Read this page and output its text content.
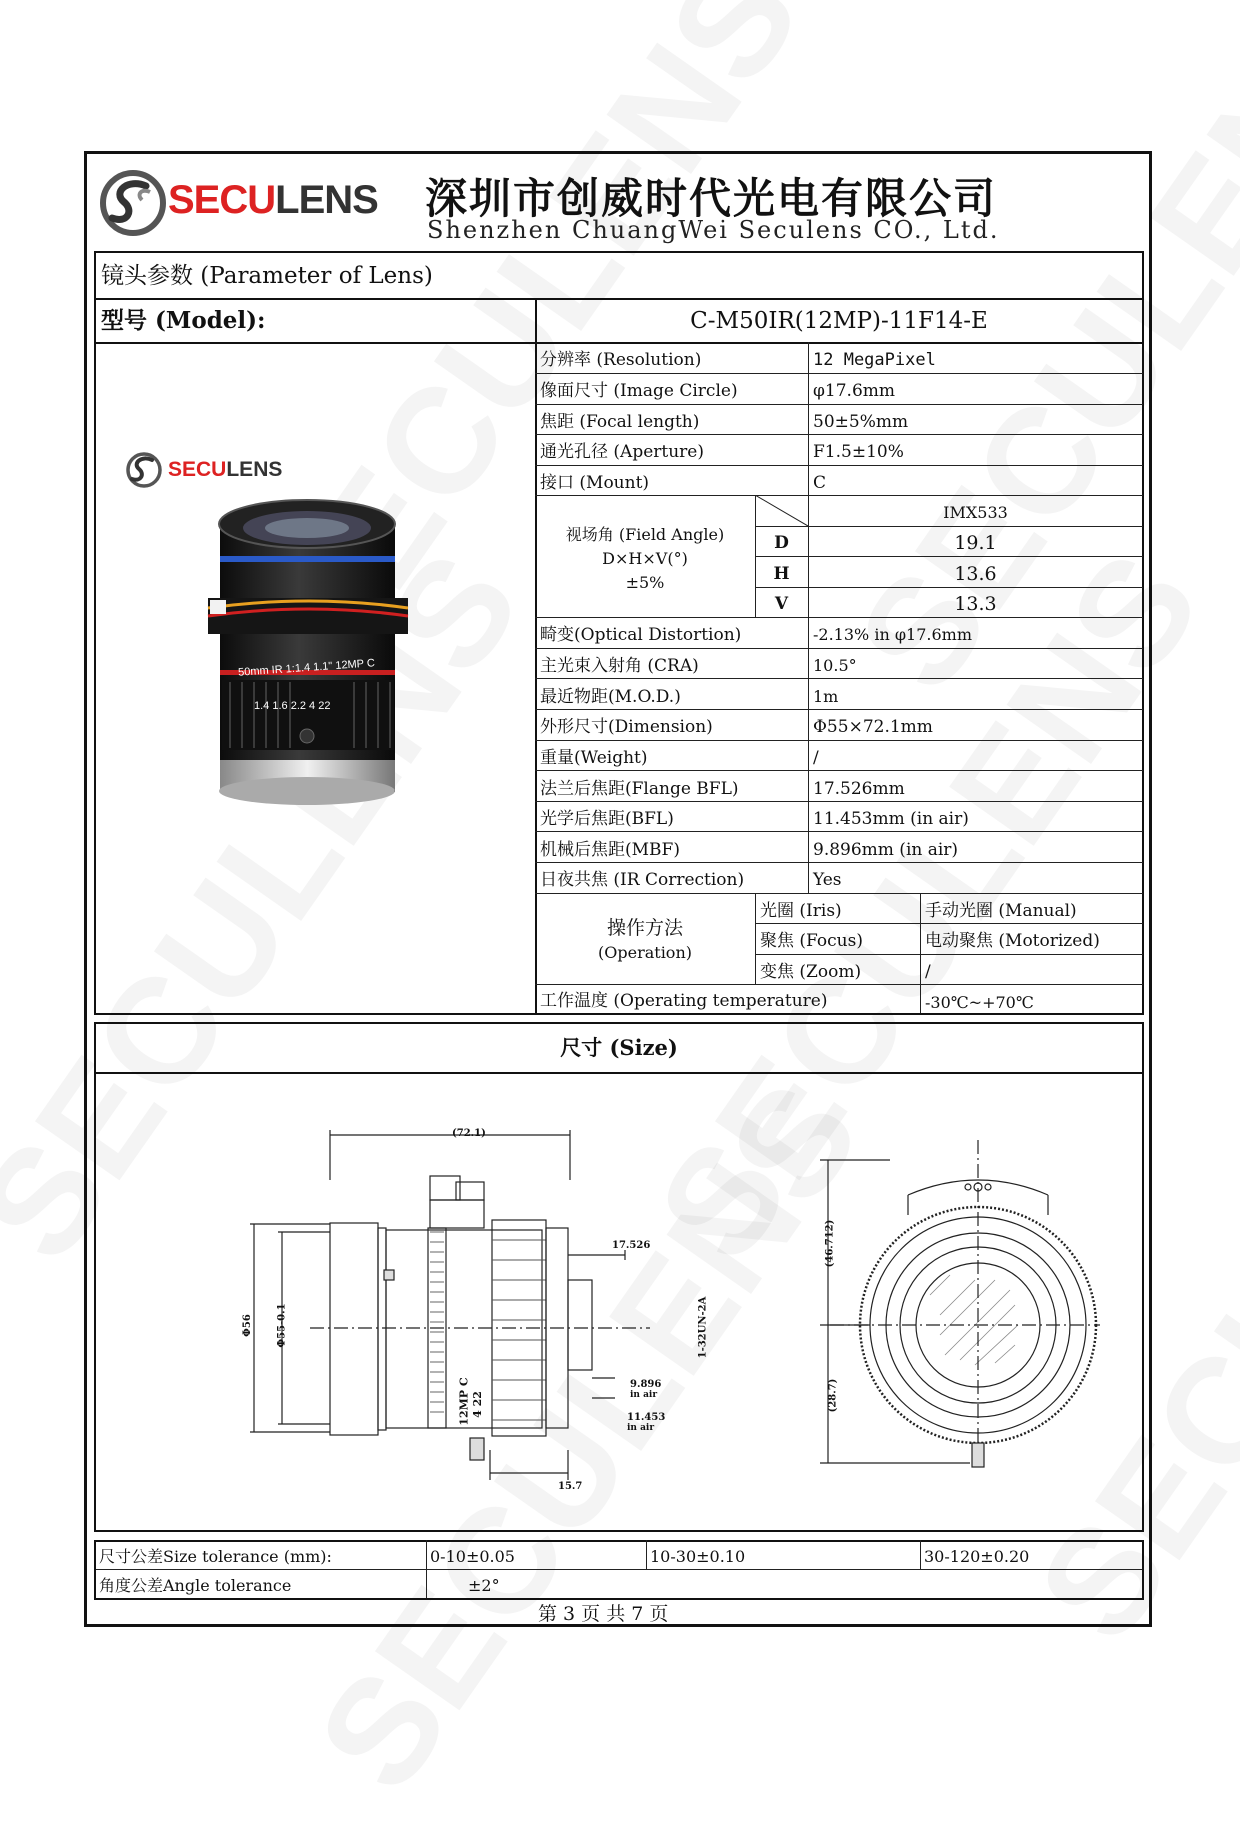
SECULENS 深圳市创威时代光电有限公司
Shenzhen ChuangWei Seculens CO., Ltd.
镜头参数 (Parameter of Lens)
型号 (Model):	C-M50IR(12MP)-11F14-E
分辨率 (Resolution)	12 MegaPixel
像面尺寸 (Image Circle)	φ17.6mm
焦距 (Focal length)	50±5%mm
通光孔径 (Aperture)	F1.5±10%
接口 (Mount)	C
视场角 (Field Angle)
D×H×V(°)
±5%
IMX533
D	19.1
H	13.6
V	13.3
畸变(Optical Distortion)	-2.13% in φ17.6mm
主光束入射角 (CRA)	10.5°
最近物距(M.O.D.)	1m
外形尺寸(Dimension)	Φ55×72.1mm
重量(Weight)	/
法兰后焦距(Flange BFL)	17.526mm
光学后焦距(BFL)	11.453mm (in air)
机械后焦距(MBF)	9.896mm (in air)
日夜共焦 (IR Correction)	Yes
操作方法
(Operation)
光圈 (Iris)	手动光圈 (Manual)
聚焦 (Focus)	电动聚焦 (Motorized)
变焦 (Zoom)	/
工作温度 (Operating temperature)	-30℃~+70℃
SECULENS
50mm IR 1:1.4 1.1" 12MP C
1.4 1.6 2.2 4 22
尺寸 (Size)
(72.1)
17.526
Φ56 Φ55-0.1	1-32UN-2A
9.896
in air
11.453
in air
15.7
12MP C 4 22
(46.712)
(28.7)
尺寸公差Size tolerance (mm):	0-10±0.05	10-30±0.10	30-120±0.20
角度公差Angle tolerance	±2°
第 3 页 共 7 页
